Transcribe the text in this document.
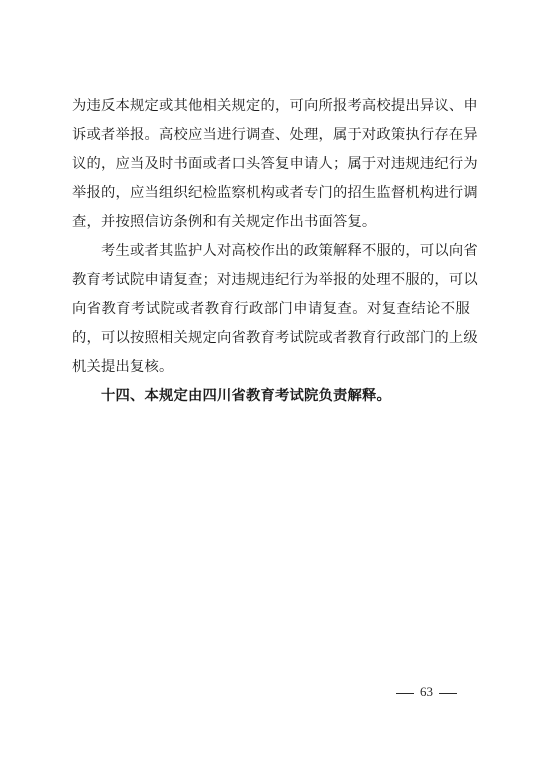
为违反本规定或其他相关规定的，可向所报考高校提出异议、申
诉或者举报。高校应当进行调查、处理，属于对政策执行存在异
议的，应当及时书面或者口头答复申请人；属于对违规违纪行为
举报的，应当组织纪检监察机构或者专门的招生监督机构进行调
查，并按照信访条例和有关规定作出书面答复。
考生或者其监护人对高校作出的政策解释不服的，可以向省
教育考试院申请复查；对违规违纪行为举报的处理不服的，可以
向省教育考试院或者教育行政部门申请复查。对复查结论不服
的，可以按照相关规定向省教育考试院或者教育行政部门的上级
机关提出复核。
十四、本规定由四川省教育考试院负责解释。
63
